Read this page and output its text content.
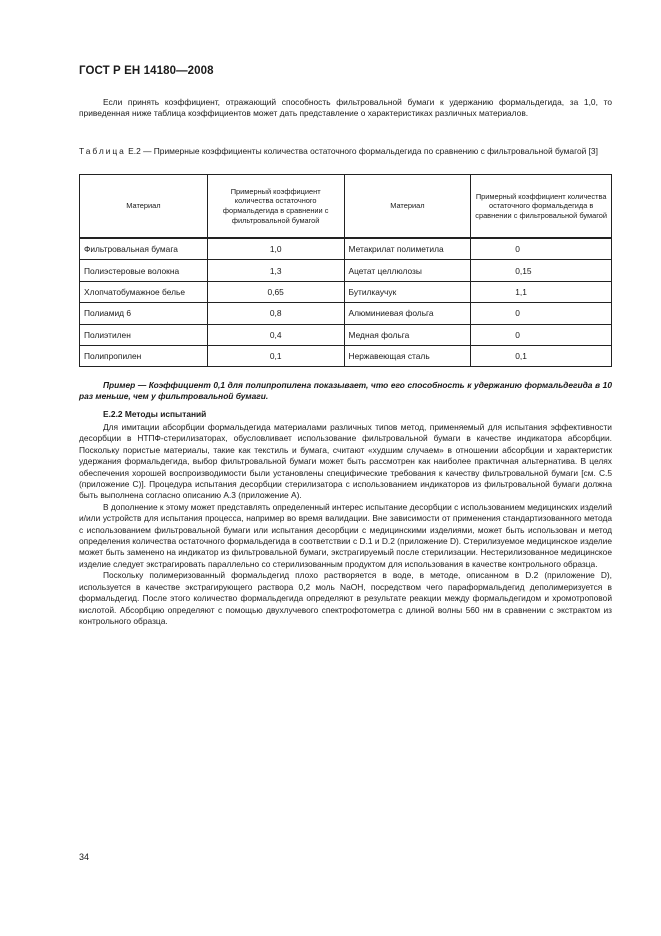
ГОСТ Р ЕН 14180—2008

Если принять коэффициент, отражающий способность фильтровальной бумаги к удержанию формальдегида, за 1,0, то приведенная ниже таблица коэффициентов может дать представление о характеристиках различных материалов.

Таблица Е.2 — Примерные коэффициенты количества остаточного формальдегида по сравнению с фильтровальной бумагой [3]
Материал	Примерный коэффициент количества остаточного формальдегида в сравнении с фильтровальной бумагой	Материал	Примерный коэффициент количества остаточного формальдегида в сравнении с фильтровальной бумагой
Фильтровальная бумага	1,0	Метакрилат полиметила	0
Полиэстеровые волокна	1,3	Ацетат целлюлозы	0,15
Хлопчатобумажное белье	0,65	Бутилкаучук	1,1
Полиамид 6	0,8	Алюминиевая фольга	0
Полиэтилен	0,4	Медная фольга	0
Полипропилен	0,1	Нержавеющая сталь	0,1

Пример — Коэффициент 0,1 для полипропилена показывает, что его способность к удержанию формальдегида в 10 раз меньше, чем у фильтровальной бумаги.

Е.2.2 Методы испытаний

Для имитации абсорбции формальдегида материалами различных типов метод, применяемый для испытания эффективности десорбции в НТПФ-стерилизаторах, обусловливает использование фильтровальной бумаги в качестве индикатора абсорбции. Поскольку пористые материалы, такие как текстиль и бумага, считают «худшим случаем» в отношении абсорбции и характеристик удержания формальдегида, выбор фильтровальной бумаги может быть рассмотрен как наиболее практичная альтернатива. В целях обеспечения хорошей воспроизводимости были установлены специфические требования к качеству фильтровальной бумаги [см. С.5 (приложение С)]. Процедура испытания десорбции стерилизатора с использованием индикаторов из фильтровальной бумаги должна быть выполнена согласно описанию А.3 (приложение А).

В дополнение к этому может представлять определенный интерес испытание десорбции с использованием медицинских изделий и/или устройств для испытания процесса, например во время валидации. Вне зависимости от применения стандартизованного метода с использованием фильтровальной бумаги или испытания десорбции с медицинскими изделиями, может быть использован и метод определения количества остаточного формальдегида в соответствии с D.1 и D.2 (приложение D). Стерилизуемое медицинское изделие может быть заменено на индикатор из фильтровальной бумаги, экстрагируемый после стерилизации. Нестерилизованное медицинское изделие следует экстрагировать параллельно со стерилизованным продуктом для использования в качестве контрольного образца.

Поскольку полимеризованный формальдегид плохо растворяется в воде, в методе, описанном в D.2 (приложение D), используется в качестве экстрагирующего раствора 0,2 моль NaOH, посредством чего параформальдегид деполимеризуется в формальдегид. После этого количество формальдегида определяют в результате реакции между формальдегидом и хромотроповой кислотой. Абсорбцию определяют с помощью двухлучевого спектрофотометра с длиной волны 560 нм в сравнении с экстрактом из контрольного образца.

34
